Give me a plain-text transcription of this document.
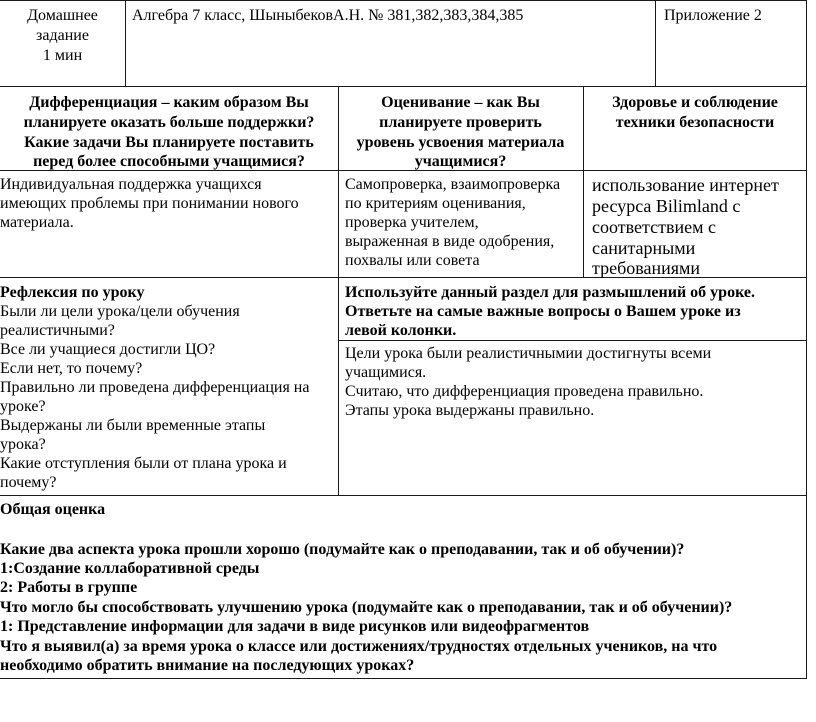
Домашнее
задание
1 мин
Алгебра 7 класс, ШыныбековА.Н. № 381,382,383,384,385	Приложение 2
Дифференциация – каким образом Вы
планируете оказать больше поддержки?
Какие задачи Вы планируете поставить
перед более способными учащимися?
Оценивание – как Вы
планируете проверить
уровень усвоения материала
учащимися?
Здоровье и соблюдение
техники безопасности
Индивидуальная поддержка учащихся
имеющих проблемы при понимании нового
материала.
Самопроверка, взаимопроверка
по критериям оценивания,
проверка учителем,
выраженная в виде одобрения,
похвалы или совета
использование интернет
ресурса Bilimland с
соответствием с
санитарными
требованиями
Рефлексия по уроку
Были ли цели урока/цели обучения
реалистичными?
Все ли учащиеся достигли ЦО?
Если нет, то почему?
Правильно ли проведена дифференциация на
уроке?
Выдержаны ли были временные этапы
урока?
Какие отступления были от плана урока и
почему?
Используйте данный раздел для размышлений об уроке.
Ответьте на самые важные вопросы о Вашем уроке из
левой колонки.
Цели урока были реалистичнымии достигнуты всеми
учащимися.
Считаю, что дифференциация проведена правильно.
Этапы урока выдержаны правильно.
Общая оценка
Какие два аспекта урока прошли хорошо (подумайте как о преподавании, так и об обучении)?
1:Создание коллаборативной среды
2: Работы в группе
Что могло бы способствовать улучшению урока (подумайте как о преподавании, так и об обучении)?
1: Представление информации для задачи в виде рисунков или видеофрагментов
Что я выявил(а) за время урока о классе или достижениях/трудностях отдельных учеников, на что
необходимо обратить внимание на последующих уроках?
